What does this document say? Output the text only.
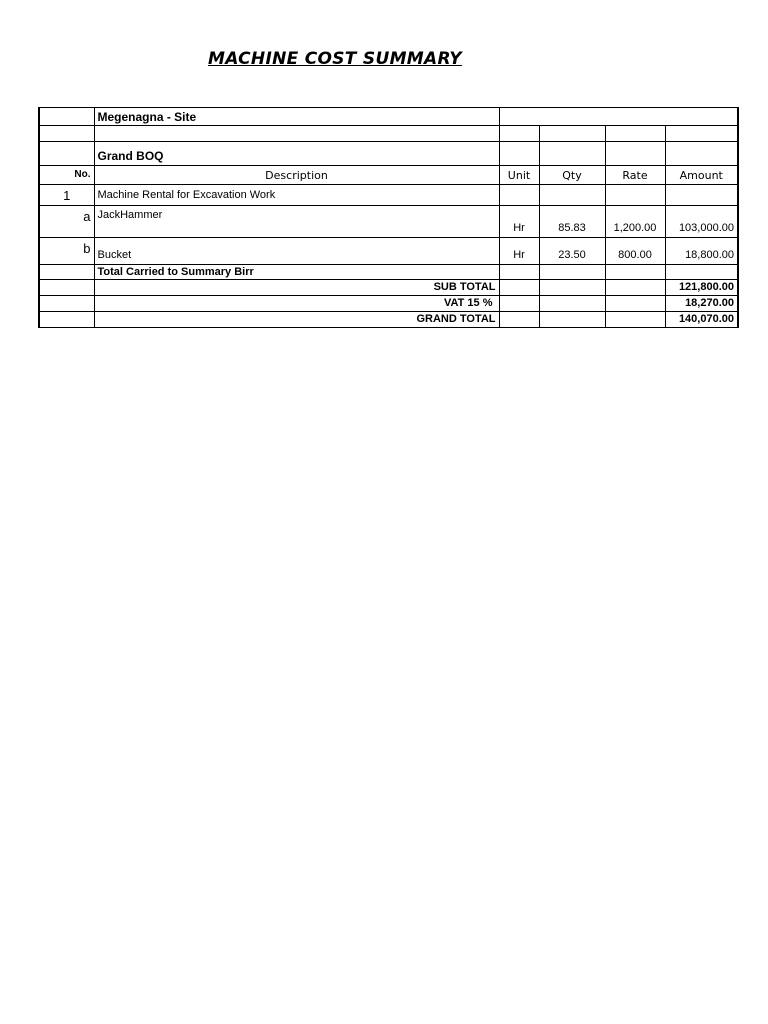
MACHINE COST SUMMARY
	Megenagna - Site				

	Grand BOQ				
No.	Description	Unit	Qty	Rate	Amount
1	Machine Rental for Excavation Work				
a	JackHammer	Hr	85.83	1,200.00	103,000.00
b	Bucket	Hr	23.50	800.00	18,800.00
	Total Carried to Summary Birr				
	SUB TOTAL				121,800.00
	VAT 15 %				18,270.00
	GRAND TOTAL				140,070.00
